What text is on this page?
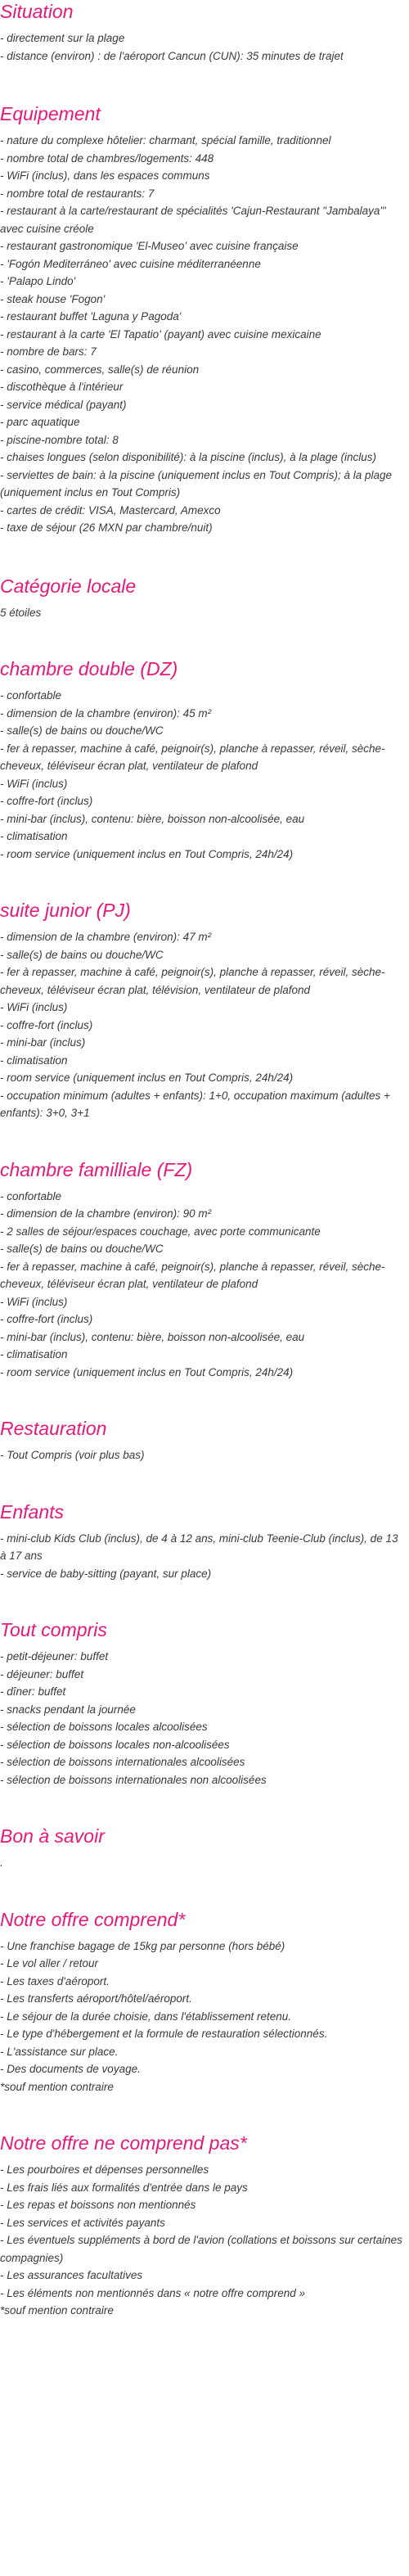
Situation
- directement sur la plage
- distance (environ) : de l'aéroport Cancun (CUN): 35 minutes de trajet
Equipement
- nature du complexe hôtelier: charmant, spécial famille, traditionnel
- nombre total de chambres/logements: 448
- WiFi (inclus), dans les espaces communs
- nombre total de restaurants: 7
- restaurant à la carte/restaurant de spécialités 'Cajun-Restaurant "Jambalaya"' avec cuisine créole
- restaurant gastronomique 'El-Museo' avec cuisine française
- 'Fogón Mediterráneo' avec cuisine méditerranéenne
- 'Palapo Lindo'
- steak house 'Fogon'
- restaurant buffet 'Laguna y Pagoda'
- restaurant à la carte 'El Tapatio' (payant) avec cuisine mexicaine
- nombre de bars: 7
- casino, commerces, salle(s) de réunion
- discothèque à l'intérieur
- service médical (payant)
- parc aquatique
- piscine-nombre total: 8
- chaises longues (selon disponibilité): à la piscine (inclus), à la plage (inclus)
- serviettes de bain: à la piscine (uniquement inclus en Tout Compris); à la plage (uniquement inclus en Tout Compris)
- cartes de crédit: VISA, Mastercard, Amexco
- taxe de séjour (26 MXN par chambre/nuit)
Catégorie locale
5 étoiles
chambre double (DZ)
- confortable
- dimension de la chambre (environ): 45 m²
- salle(s) de bains ou douche/WC
- fer à repasser, machine à café, peignoir(s), planche à repasser, réveil, sèche-cheveux, téléviseur écran plat, ventilateur de plafond
- WiFi (inclus)
- coffre-fort (inclus)
- mini-bar (inclus), contenu: bière, boisson non-alcoolisée, eau
- climatisation
- room service (uniquement inclus en Tout Compris, 24h/24)
suite junior (PJ)
- dimension de la chambre (environ): 47 m²
- salle(s) de bains ou douche/WC
- fer à repasser, machine à café, peignoir(s), planche à repasser, réveil, sèche-cheveux, téléviseur écran plat, télévision, ventilateur de plafond
- WiFi (inclus)
- coffre-fort (inclus)
- mini-bar (inclus)
- climatisation
- room service (uniquement inclus en Tout Compris, 24h/24)
- occupation minimum (adultes + enfants): 1+0, occupation maximum (adultes + enfants): 3+0, 3+1
chambre familliale (FZ)
- confortable
- dimension de la chambre (environ): 90 m²
- 2 salles de séjour/espaces couchage, avec porte communicante
- salle(s) de bains ou douche/WC
- fer à repasser, machine à café, peignoir(s), planche à repasser, réveil, sèche-cheveux, téléviseur écran plat, ventilateur de plafond
- WiFi (inclus)
- coffre-fort (inclus)
- mini-bar (inclus), contenu: bière, boisson non-alcoolisée, eau
- climatisation
- room service (uniquement inclus en Tout Compris, 24h/24)
Restauration
- Tout Compris (voir plus bas)
Enfants
- mini-club Kids Club (inclus), de 4 à 12 ans, mini-club Teenie-Club (inclus), de 13 à 17 ans
- service de baby-sitting (payant, sur place)
Tout compris
- petit-déjeuner: buffet
- déjeuner: buffet
- dîner: buffet
- snacks pendant la journée
- sélection de boissons locales alcoolisées
- sélection de boissons locales non-alcoolisées
- sélection de boissons internationales alcoolisées
- sélection de boissons internationales non alcoolisées
Bon à savoir
.
Notre offre comprend*
- Une franchise bagage de 15kg par personne (hors bébé)
- Le vol aller / retour
- Les taxes d'aéroport.
- Les transferts aéroport/hôtel/aéroport.
- Le séjour de la durée choisie, dans l'établissement retenu.
- Le type d'hébergement et la formule de restauration sélectionnés.
- L'assistance sur place.
- Des documents de voyage.
*souf mention contraire
Notre offre ne comprend pas*
- Les pourboires et dépenses personnelles
- Les frais liés aux formalités d'entrée dans le pays
- Les repas et boissons non mentionnés
- Les services et activités payants
- Les éventuels suppléments à bord de l'avion (collations et boissons sur certaines compagnies)
- Les assurances facultatives
- Les éléments non mentionnés dans « notre offre comprend »
*souf mention contraire
